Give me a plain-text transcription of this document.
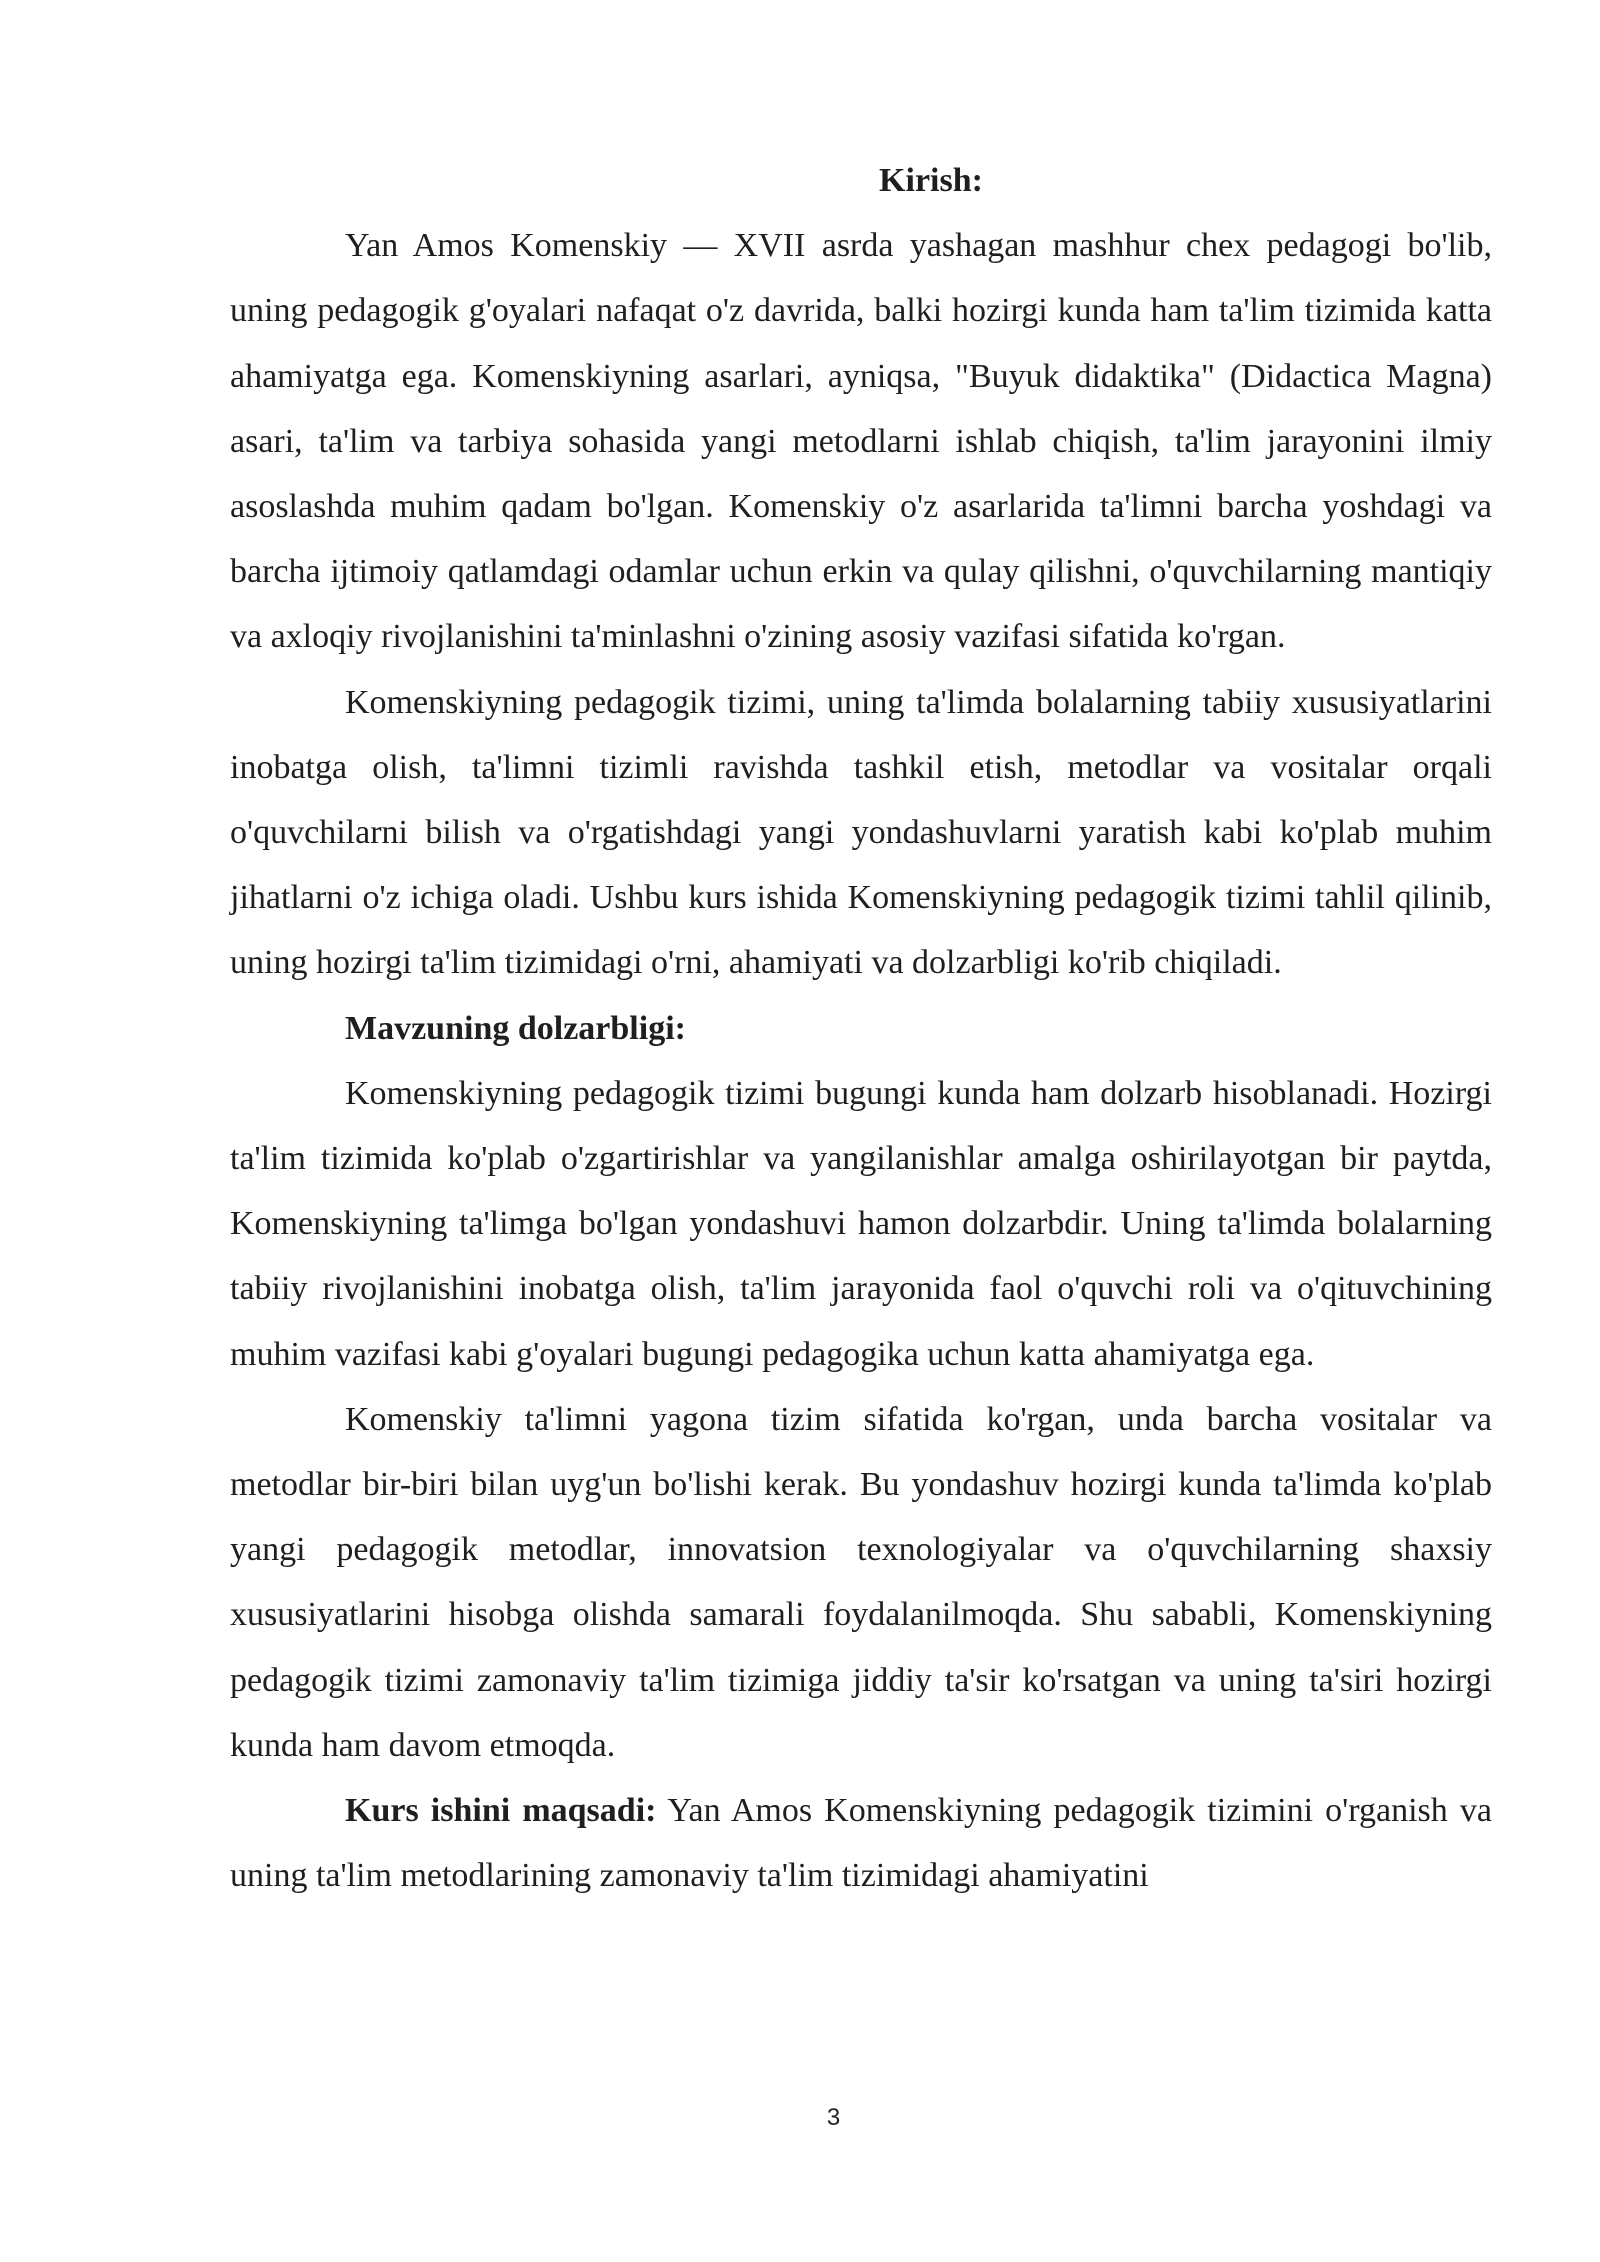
Kirish:

Yan Amos Komenskiy — XVII asrda yashagan mashhur chex pedagogi bo'lib, uning pedagogik g'oyalari nafaqat o'z davrida, balki hozirgi kunda ham ta'lim tizimida katta ahamiyatga ega. Komenskiyning asarlari, ayniqsa, "Buyuk didaktika" (Didactica Magna) asari, ta'lim va tarbiya sohasida yangi metodlarni ishlab chiqish, ta'lim jarayonini ilmiy asoslashda muhim qadam bo'lgan. Komenskiy o'z asarlarida ta'limni barcha yoshdagi va barcha ijtimoiy qatlamdagi odamlar uchun erkin va qulay qilishni, o'quvchilarning mantiqiy va axloqiy rivojlanishini ta'minlashni o'zining asosiy vazifasi sifatida ko'rgan.

Komenskiyning pedagogik tizimi, uning ta'limda bolalarning tabiiy xususiyatlarini inobatga olish, ta'limni tizimli ravishda tashkil etish, metodlar va vositalar orqali o'quvchilarni bilish va o'rgatishdagi yangi yondashuvlarni yaratish kabi ko'plab muhim jihatlarni o'z ichiga oladi. Ushbu kurs ishida Komenskiyning pedagogik tizimi tahlil qilinib, uning hozirgi ta'lim tizimidagi o'rni, ahamiyati va dolzarbligi ko'rib chiqiladi.

Mavzuning dolzarbligi:

Komenskiyning pedagogik tizimi bugungi kunda ham dolzarb hisoblanadi. Hozirgi ta'lim tizimida ko'plab o'zgartirishlar va yangilanishlar amalga oshirilayotgan bir paytda, Komenskiyning ta'limga bo'lgan yondashuvi hamon dolzarbdir. Uning ta'limda bolalarning tabiiy rivojlanishini inobatga olish, ta'lim jarayonida faol o'quvchi roli va o'qituvchining muhim vazifasi kabi g'oyalari bugungi pedagogika uchun katta ahamiyatga ega.

Komenskiy ta'limni yagona tizim sifatida ko'rgan, unda barcha vositalar va metodlar bir-biri bilan uyg'un bo'lishi kerak. Bu yondashuv hozirgi kunda ta'limda ko'plab yangi pedagogik metodlar, innovatsion texnologiyalar va o'quvchilarning shaxsiy xususiyatlarini hisobga olishda samarali foydalanilmoqda. Shu sababli, Komenskiyning pedagogik tizimi zamonaviy ta'lim tizimiga jiddiy ta'sir ko'rsatgan va uning ta'siri hozirgi kunda ham davom etmoqda.

Kurs ishini maqsadi: Yan Amos Komenskiyning pedagogik tizimini o'rganish va uning ta'lim metodlarining zamonaviy ta'lim tizimidagi ahamiyatini

3
